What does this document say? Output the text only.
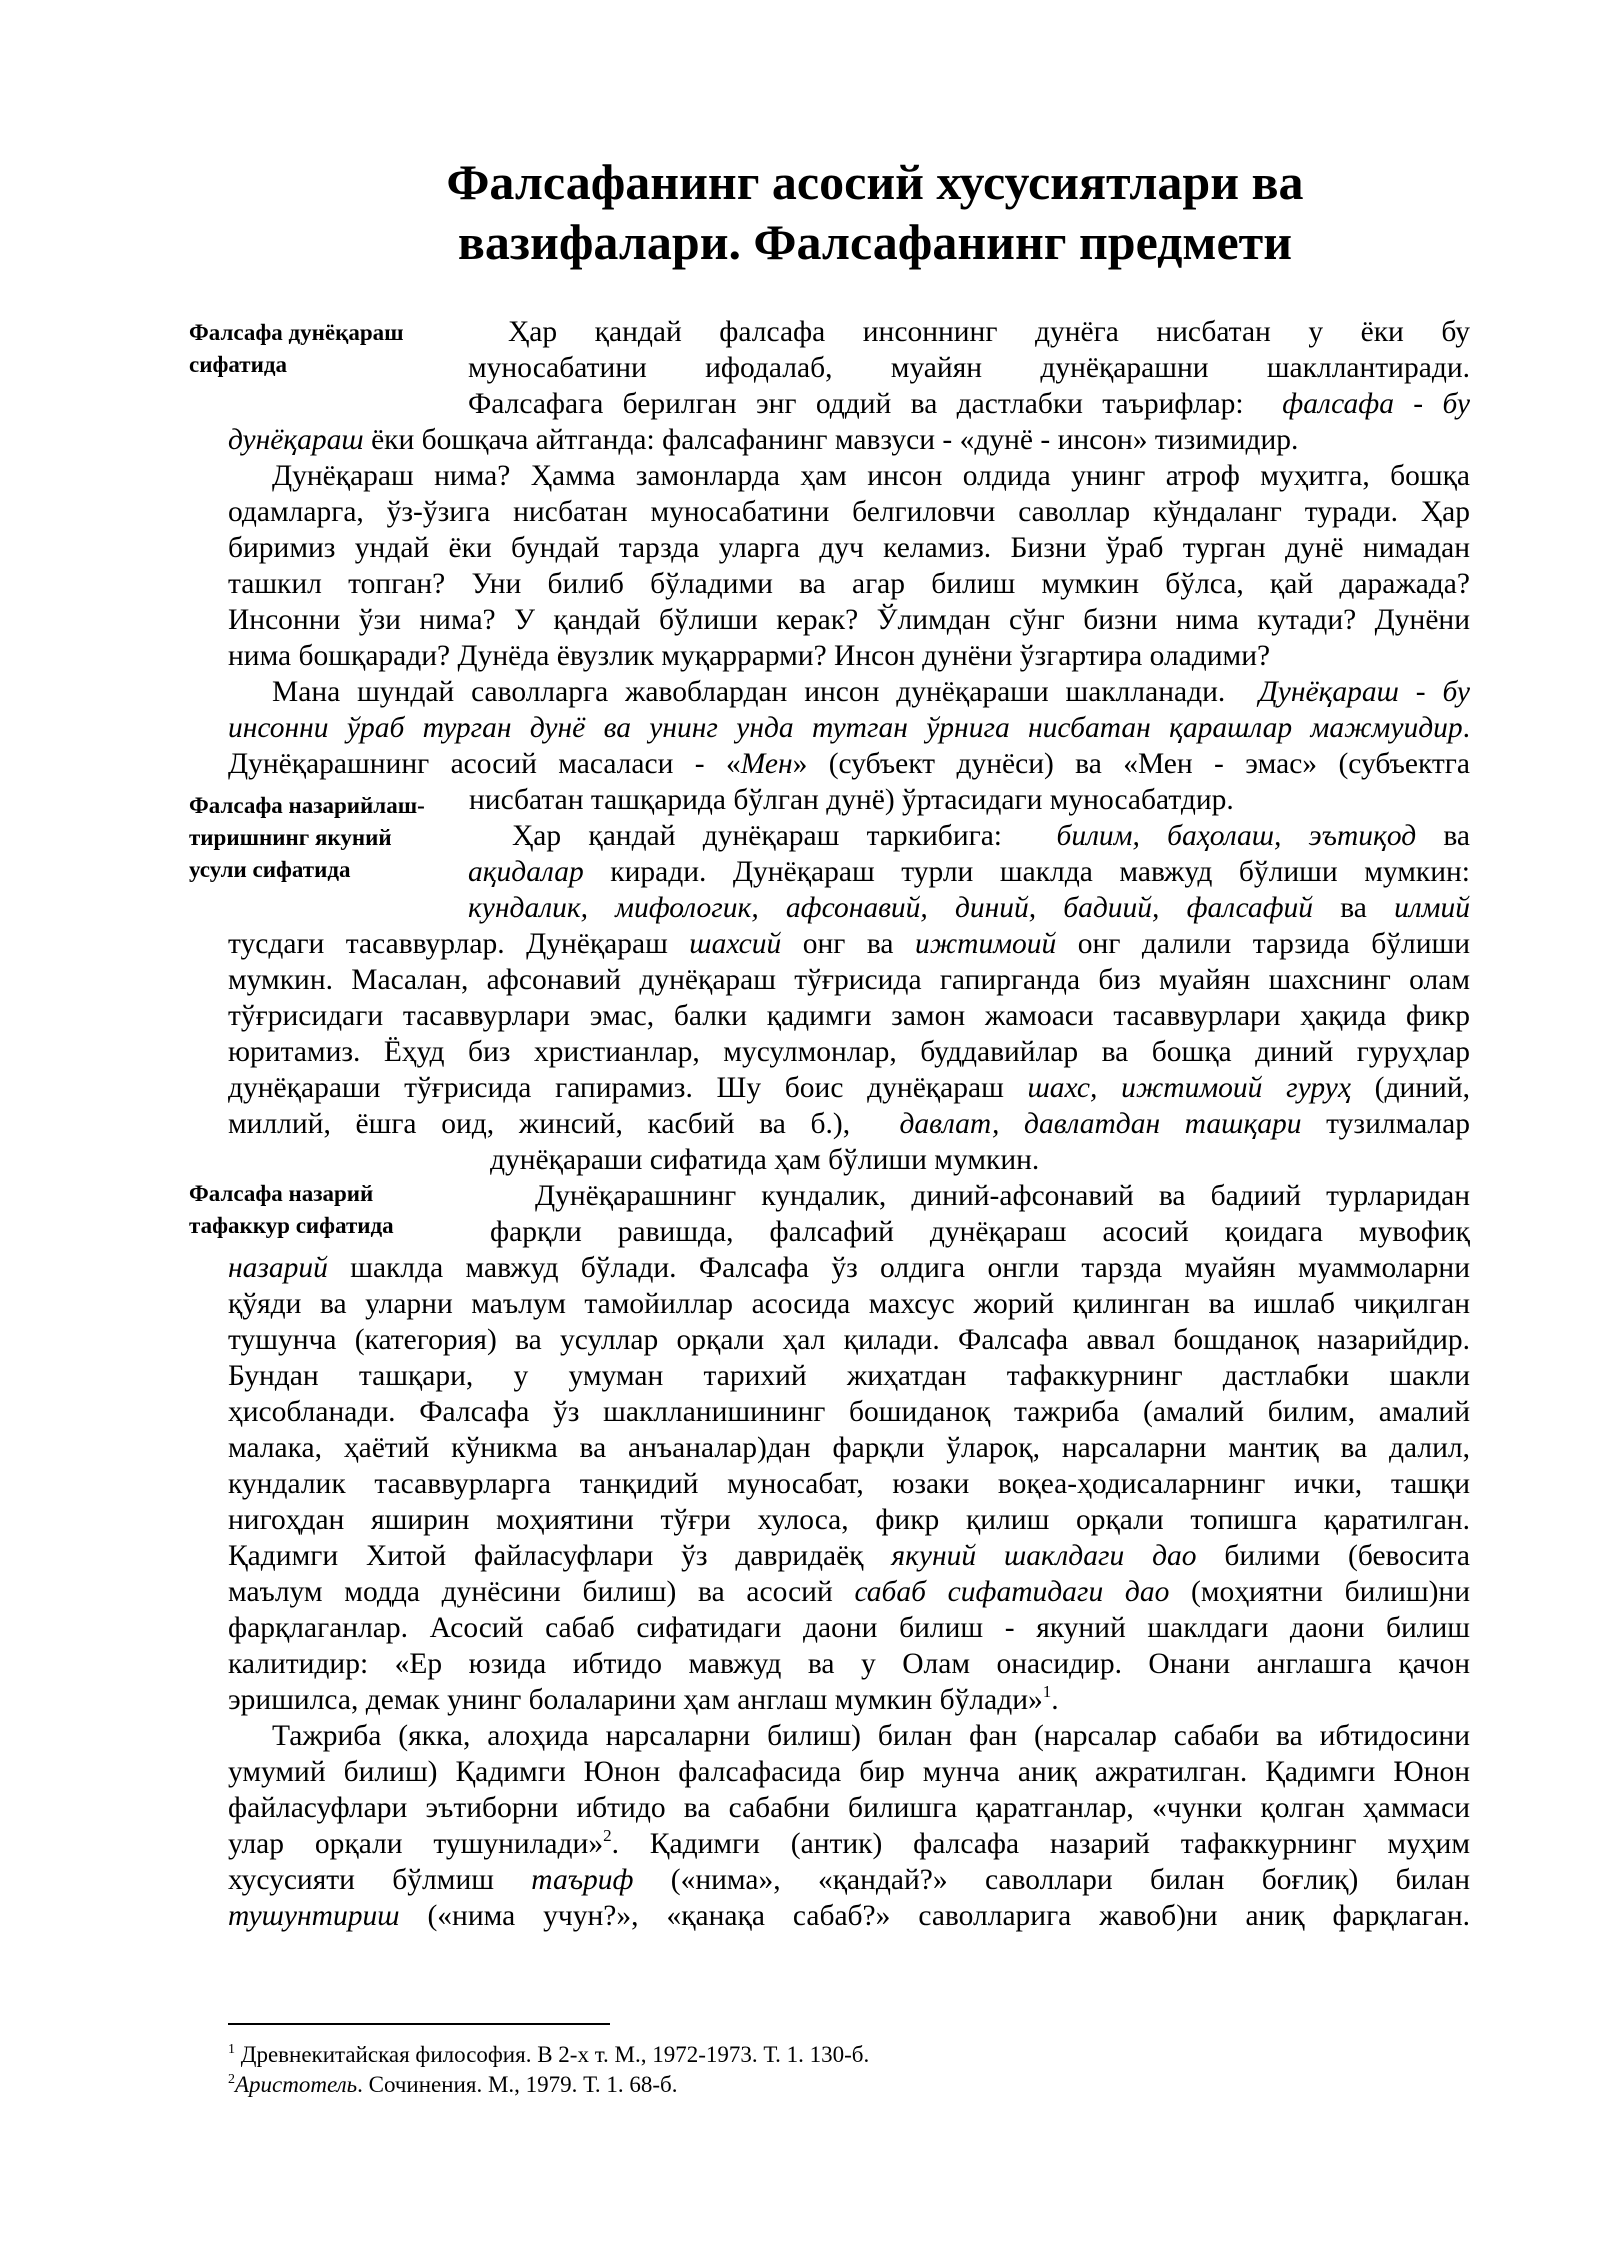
Фалсафанинг асосий хусусиятлари ва
вазифалари. Фалсафанинг предмети
Фалсафа дунёқараш
сифатида
Фалсафа назарийлаш-
тиришнинг якуний
усули сифатида
Фалсафа назарий
тафаккур сифатида
Ҳар қандай фалсафа инсоннинг дунёга нисбатан у ёки бу
муносабатини ифодалаб, муайян дунёқарашни шакллантиради.
Фалсафага берилган энг оддий ва дастлабки таърифлар:  фалсафа - бу
дунёқараш ёки бошқача айтганда: фалсафанинг мавзуси - «дунё - инсон» тизимидир.
Дунёқараш нима? Ҳамма замонларда ҳам инсон олдида унинг атроф муҳитга, бошқа
одамларга, ўз-ўзига нисбатан муносабатини белгиловчи саволлар кўндаланг туради. Ҳар
биримиз ундай ёки бундай тарзда уларга дуч келамиз. Бизни ўраб турган дунё нимадан
ташкил топган? Уни билиб бўладими ва агар билиш мумкин бўлса, қай даражада?
Инсонни ўзи нима? У қандай бўлиши керак? Ўлимдан сўнг бизни нима кутади? Дунёни
нима бошқаради? Дунёда ёвузлик муқаррарми? Инсон дунёни ўзгартира оладими?
Мана шундай саволларга жавоблардан инсон дунёқараши шаклланади.  Дунёқараш - бу
инсонни ўраб турган дунё ва унинг унда тутган ўрнига нисбатан қарашлар мажмуидир.
Дунёқарашнинг асосий масаласи - «Мен» (субъект дунёси) ва «Мен - эмас» (субъектга
нисбатан ташқарида бўлган дунё) ўртасидаги муносабатдир.
Ҳар қандай дунёқараш таркибига:  билим, баҳолаш, эътиқод ва
ақидалар киради. Дунёқараш турли шаклда мавжуд бўлиши мумкин:
кундалик, мифологик, афсонавий, диний, бадиий, фалсафий ва илмий
тусдаги тасаввурлар. Дунёқараш шахсий онг ва ижтимоий онг далили тарзида бўлиши
мумкин. Масалан, афсонавий дунёқараш тўғрисида гапирганда биз муайян шахснинг олам
тўғрисидаги тасаввурлари эмас, балки қадимги замон жамоаси тасаввурлари ҳақида фикр
юритамиз. Ёҳуд биз христианлар, мусулмонлар, буддавийлар ва бошқа диний гуруҳлар
дунёқараши тўғрисида гапирамиз. Шу боис дунёқараш шахс, ижтимоий гуруҳ (диний,
миллий, ёшга оид, жинсий, касбий ва б.),  давлат, давлатдан ташқари тузилмалар
дунёқараши сифатида ҳам бўлиши мумкин.
Дунёқарашнинг кундалик, диний-афсонавий ва бадиий турларидан
фарқли равишда, фалсафий дунёқараш асосий қоидага мувофиқ
назарий шаклда мавжуд бўлади. Фалсафа ўз олдига онгли тарзда муайян муаммоларни
қўяди ва уларни маълум тамойиллар асосида махсус жорий қилинган ва ишлаб чиқилган
тушунча (категория) ва усуллар орқали ҳал қилади. Фалсафа аввал бошданоқ назарийдир.
Бундан ташқари, у умуман тарихий жиҳатдан тафаккурнинг дастлабки шакли
ҳисобланади. Фалсафа ўз шаклланишининг бошиданоқ тажриба (амалий билим, амалий
малака, ҳаётий кўникма ва анъаналар)дан фарқли ўлароқ, нарсаларни мантиқ ва далил,
кундалик тасаввурларга танқидий муносабат, юзаки воқеа-ҳодисаларнинг ички, ташқи
нигоҳдан яширин моҳиятини тўғри хулоса, фикр қилиш орқали топишга қаратилган.
Қадимги Хитой файласуфлари ўз давридаёқ якуний шаклдаги дао билими (бевосита
маълум модда дунёсини билиш) ва асосий сабаб сифатидаги дао (моҳиятни билиш)ни
фарқлаганлар. Асосий сабаб сифатидаги даони билиш - якуний шаклдаги даони билиш
калитидир: «Ер юзида ибтидо мавжуд ва у Олам онасидир. Онани англашга қачон
эришилса, демак унинг болаларини ҳам англаш мумкин бўлади»$^1$.
Тажриба (якка, алоҳида нарсаларни билиш) билан фан (нарсалар сабаби ва ибтидосини
умумий билиш) Қадимги Юнон фалсафасида бир мунча аниқ ажратилган. Қадимги Юнон
файласуфлари эътиборни ибтидо ва сабабни билишга қаратганлар, «чунки қолган ҳаммаси
улар орқали тушунилади»$^2$. Қадимги (антик) фалсафа назарий тафаккурнинг муҳим
хусусияти бўлмиш таъриф («нима», «қандай?» саволлари билан боғлиқ) билан
тушунтириш («нима учун?», «қанақа сабаб?» саволларига жавоб)ни аниқ фарқлаган.
$^1$ Древнекитайская философия. В 2-х т. М., 1972-1973. Т. 1. 130-б.
$^2$Аристотель. Сочинения. М., 1979. Т. 1. 68-б.
